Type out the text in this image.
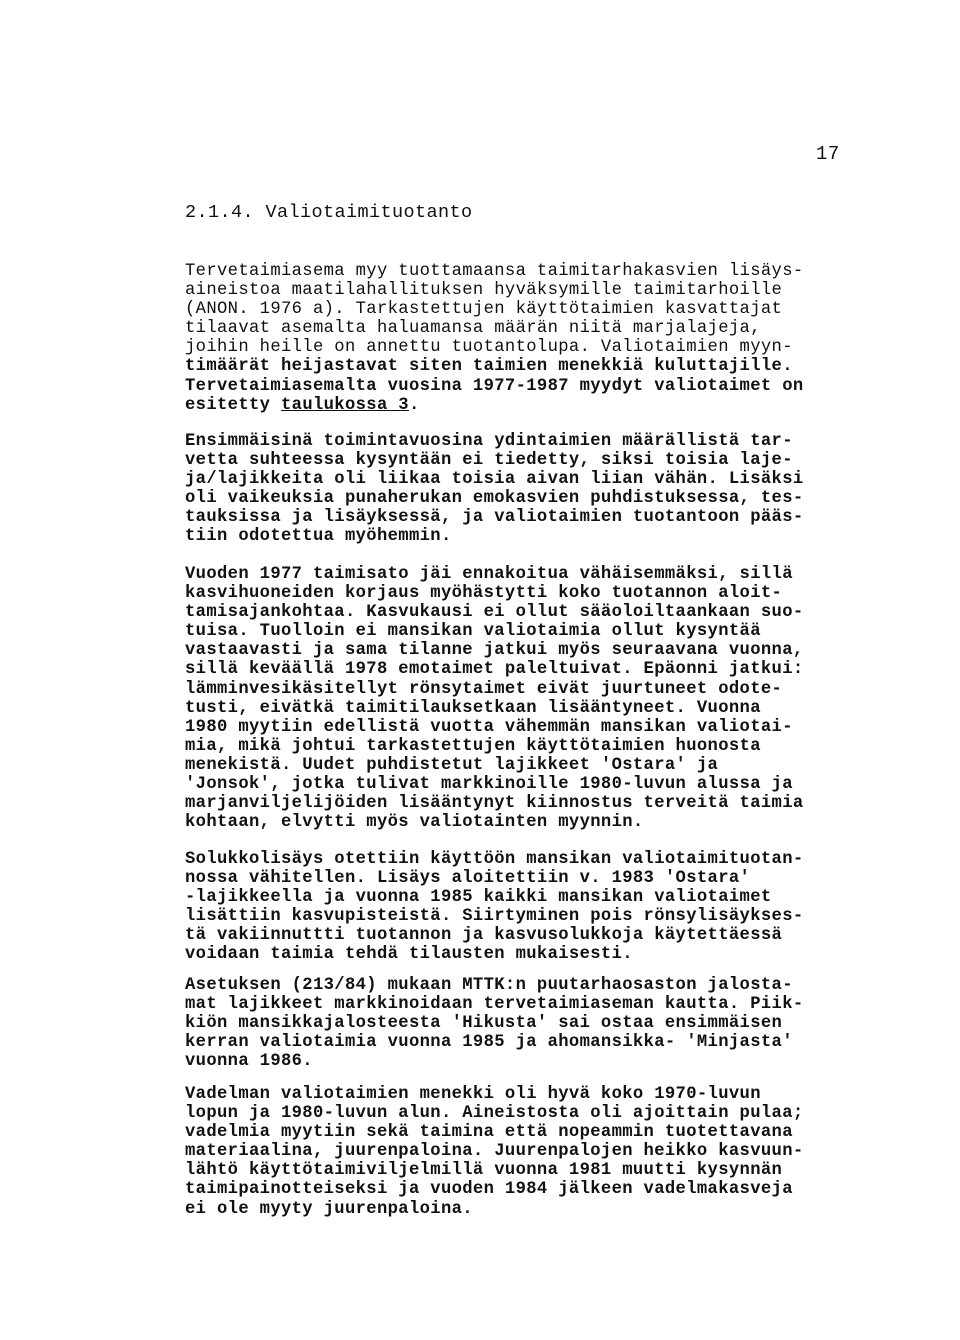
17
2.1.4. Valiotaimituotanto
Tervetaimiasema myy tuottamaansa taimitarhakasvien lisäys-
aineistoa maatilahallituksen hyväksymille taimitarhoille
(ANON. 1976 a). Tarkastettujen käyttötaimien kasvattajat
tilaavat asemalta haluamansa määrän niitä marjalajeja,
joihin heille on annettu tuotantolupa. Valiotaimien myyn-
timäärät heijastavat siten taimien menekkiä kuluttajille.
Tervetaimiasemalta vuosina 1977-1987 myydyt valiotaimet on
esitetty taulukossa 3.
Ensimmäisinä toimintavuosina ydintaimien määrällistä tar-
vetta suhteessa kysyntään ei tiedetty, siksi toisia laje-
ja/lajikkeita oli liikaa toisia aivan liian vähän. Lisäksi
oli vaikeuksia punaherukan emokasvien puhdistuksessa, tes-
tauksissa ja lisäyksessä, ja valiotaimien tuotantoon pääs-
tiin odotettua myöhemmin.
Vuoden 1977 taimisato jäi ennakoitua vähäisemmäksi, sillä
kasvihuoneiden korjaus myöhästytti koko tuotannon aloit-
tamisajankohtaa. Kasvukausi ei ollut sääoloiltaankaan suo-
tuisa. Tuolloin ei mansikan valiotaimia ollut kysyntää
vastaavasti ja sama tilanne jatkui myös seuraavana vuonna,
sillä keväällä 1978 emotaimet paleltuivat. Epäonni jatkui:
lämminvesikäsitellyt rönsytaimet eivät juurtuneet odote-
tusti, eivätkä taimitilauksetkaan lisääntyneet. Vuonna
1980 myytiin edellistä vuotta vähemmän mansikan valiotai-
mia, mikä johtui tarkastettujen käyttötaimien huonosta
menekistä. Uudet puhdistetut lajikkeet 'Ostara' ja
'Jonsok', jotka tulivat markkinoille 1980-luvun alussa ja
marjanviljelijöiden lisääntynyt kiinnostus terveitä taimia
kohtaan, elvytti myös valiotainten myynnin.
Solukkolisäys otettiin käyttöön mansikan valiotaimituotan-
nossa vähitellen. Lisäys aloitettiin v. 1983 'Ostara'
-lajikkeella ja vuonna 1985 kaikki mansikan valiotaimet
lisättiin kasvupisteistä. Siirtyminen pois rönsylisäykses-
tä vakiinnuttti tuotannon ja kasvusolukkoja käytettäessä
voidaan taimia tehdä tilausten mukaisesti.
Asetuksen (213/84) mukaan MTTK:n puutarhaosaston jalosta-
mat lajikkeet markkinoidaan tervetaimiaseman kautta. Piik-
kiön mansikkajalosteesta 'Hikusta' sai ostaa ensimmäisen
kerran valiotaimia vuonna 1985 ja ahomansikka- 'Minjasta'
vuonna 1986.
Vadelman valiotaimien menekki oli hyvä koko 1970-luvun
lopun ja 1980-luvun alun. Aineistosta oli ajoittain pulaa;
vadelmia myytiin sekä taimina että nopeammin tuotettavana
materiaalina, juurenpaloina. Juurenpalojen heikko kasvuun-
lähtö käyttötaimiviljelmillä vuonna 1981 muutti kysynnän
taimipainotteiseksi ja vuoden 1984 jälkeen vadelmakasveja
ei ole myyty juurenpaloina.
